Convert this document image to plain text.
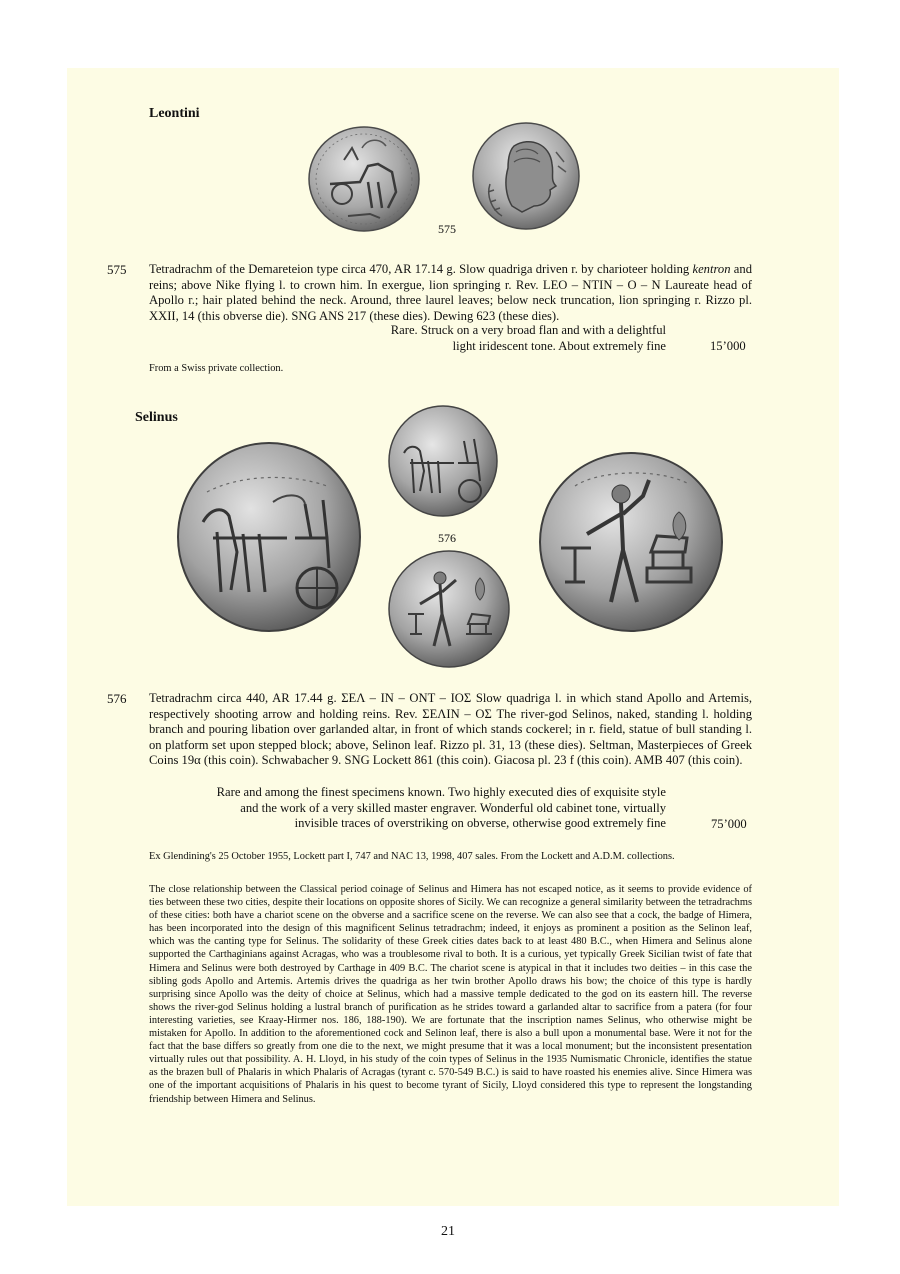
Leontini
575
575 Tetradrachm of the Demareteion type circa 470, AR 17.14 g. Slow quadriga driven r. by charioteer holding kentron and reins; above Nike flying l. to crown him. In exergue, lion springing r. Rev. LEO – NTIN – O – N Laureate head of Apollo r.; hair plated behind the neck. Around, three laurel leaves; below neck truncation, lion springing r. Rizzo pl. XXII, 14 (this obverse die). SNG ANS 217 (these dies). Dewing 623 (these dies).
Rare. Struck on a very broad flan and with a delightful
light iridescent tone. About extremely fine	15’000
From a Swiss private collection.
Selinus
576
576 Tetradrachm circa 440, AR 17.44 g. ΣΕΛ – ΙΝ – ΟΝΤ – ΙΟΣ Slow quadriga l. in which stand Apollo and Artemis, respectively shooting arrow and holding reins. Rev. ΣΕΛΙΝ – ΟΣ The river-god Selinos, naked, standing l. holding branch and pouring libation over garlanded altar, in front of which stands cockerel; in r. field, statue of bull standing l. on platform set upon stepped block; above, Selinon leaf. Rizzo pl. 31, 13 (these dies). Seltman, Masterpieces of Greek Coins 19α (this coin). Schwabacher 9. SNG Lockett 861 (this coin). Giacosa pl. 23 f (this coin). AMB 407 (this coin).
Rare and among the finest specimens known. Two highly executed dies of exquisite style
and the work of a very skilled master engraver. Wonderful old cabinet tone, virtually
invisible traces of overstriking on obverse, otherwise good extremely fine	75’000
Ex Glendining's 25 October 1955, Lockett part I, 747 and NAC 13, 1998, 407 sales. From the Lockett and A.D.M. collections.
The close relationship between the Classical period coinage of Selinus and Himera has not escaped notice, as it seems to provide evidence of ties between these two cities, despite their locations on opposite shores of Sicily. We can recognize a general similarity between the tetradrachms of these cities: both have a chariot scene on the obverse and a sacrifice scene on the reverse. We can also see that a cock, the badge of Himera, has been incorporated into the design of this magnificent Selinus tetradrachm; indeed, it enjoys as prominent a position as the Selinon leaf, which was the canting type for Selinus. The solidarity of these Greek cities dates back to at least 480 B.C., when Himera and Selinus alone supported the Carthaginians against Acragas, who was a troublesome rival to both. It is a curious, yet typically Greek Sicilian twist of fate that Himera and Selinus were both destroyed by Carthage in 409 B.C. The chariot scene is atypical in that it includes two deities – in this case the sibling gods Apollo and Artemis. Artemis drives the quadriga as her twin brother Apollo draws his bow; the choice of this type is hardly surprising since Apollo was the deity of choice at Selinus, which had a massive temple dedicated to the god on its eastern hill. The reverse shows the river-god Selinus holding a lustral branch of purification as he strides toward a garlanded altar to sacrifice from a patera (for four interesting varieties, see Kraay-Hirmer nos. 186, 188-190). We are fortunate that the inscription names Selinus, who otherwise might be mistaken for Apollo. In addition to the aforementioned cock and Selinon leaf, there is also a bull upon a monumental base. Were it not for the fact that the base differs so greatly from one die to the next, we might presume that it was a local monument; but the inconsistent presentation virtually rules out that possibility. A. H. Lloyd, in his study of the coin types of Selinus in the 1935 Numismatic Chronicle, identifies the statue as the brazen bull of Phalaris in which Phalaris of Acragas (tyrant c. 570-549 B.C.) is said to have roasted his enemies alive. Since Himera was one of the important acquisitions of Phalaris in his quest to become tyrant of Sicily, Lloyd considered this type to represent the longstanding friendship between Himera and Selinus.
21
